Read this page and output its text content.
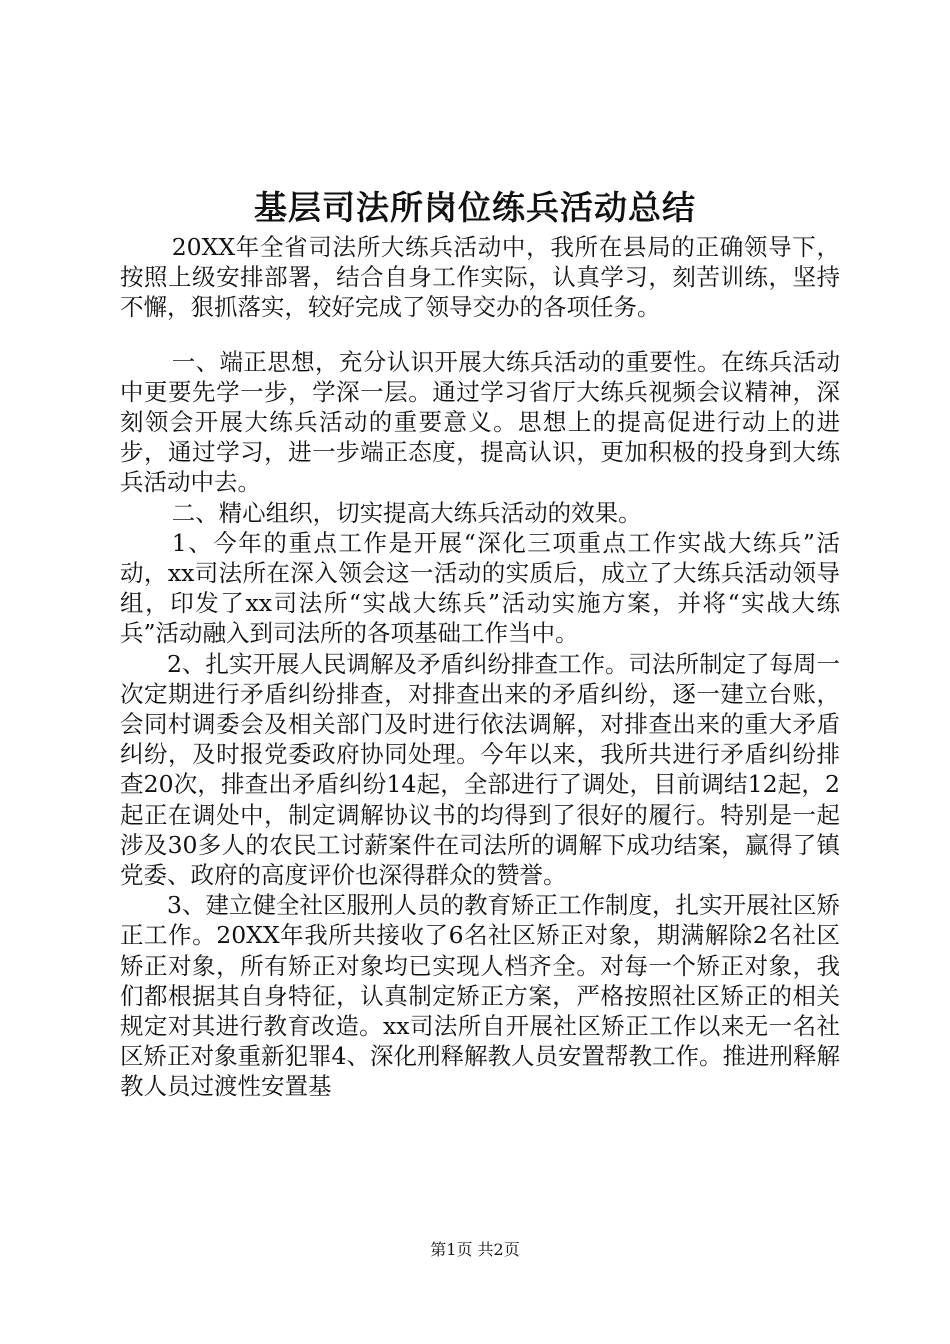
基层司法所岗位练兵活动总结

20XX年全省司法所大练兵活动中，我所在县局的正确领导下，按照上级安排部署，结合自身工作实际，认真学习，刻苦训练，坚持不懈，狠抓落实，较好完成了领导交办的各项任务。

一、端正思想，充分认识开展大练兵活动的重要性。在练兵活动中更要先学一步，学深一层。通过学习省厅大练兵视频会议精神，深刻领会开展大练兵活动的重要意义。思想上的提高促进行动上的进步，通过学习，进一步端正态度，提高认识，更加积极的投身到大练兵活动中去。

二、精心组织，切实提高大练兵活动的效果。

1、今年的重点工作是开展“深化三项重点工作实战大练兵”活动，xx司法所在深入领会这一活动的实质后，成立了大练兵活动领导组，印发了xx司法所“实战大练兵”活动实施方案，并将“实战大练兵”活动融入到司法所的各项基础工作当中。

2、扎实开展人民调解及矛盾纠纷排查工作。司法所制定了每周一次定期进行矛盾纠纷排查，对排查出来的矛盾纠纷，逐一建立台账，会同村调委会及相关部门及时进行依法调解，对排查出来的重大矛盾纠纷，及时报党委政府协同处理。今年以来，我所共进行矛盾纠纷排查20次，排查出矛盾纠纷14起，全部进行了调处，目前调结12起，2起正在调处中，制定调解协议书的均得到了很好的履行。特别是一起涉及30多人的农民工讨薪案件在司法所的调解下成功结案，赢得了镇党委、政府的高度评价也深得群众的赞誉。

3、建立健全社区服刑人员的教育矫正工作制度，扎实开展社区矫正工作。20XX年我所共接收了6名社区矫正对象，期满解除2名社区矫正对象，所有矫正对象均已实现人档齐全。对每一个矫正对象，我们都根据其自身特征，认真制定矫正方案，严格按照社区矫正的相关规定对其进行教育改造。xx司法所自开展社区矫正工作以来无一名社区矫正对象重新犯罪4、深化刑释解教人员安置帮教工作。推进刑释解教人员过渡性安置基

第1页 共2页
